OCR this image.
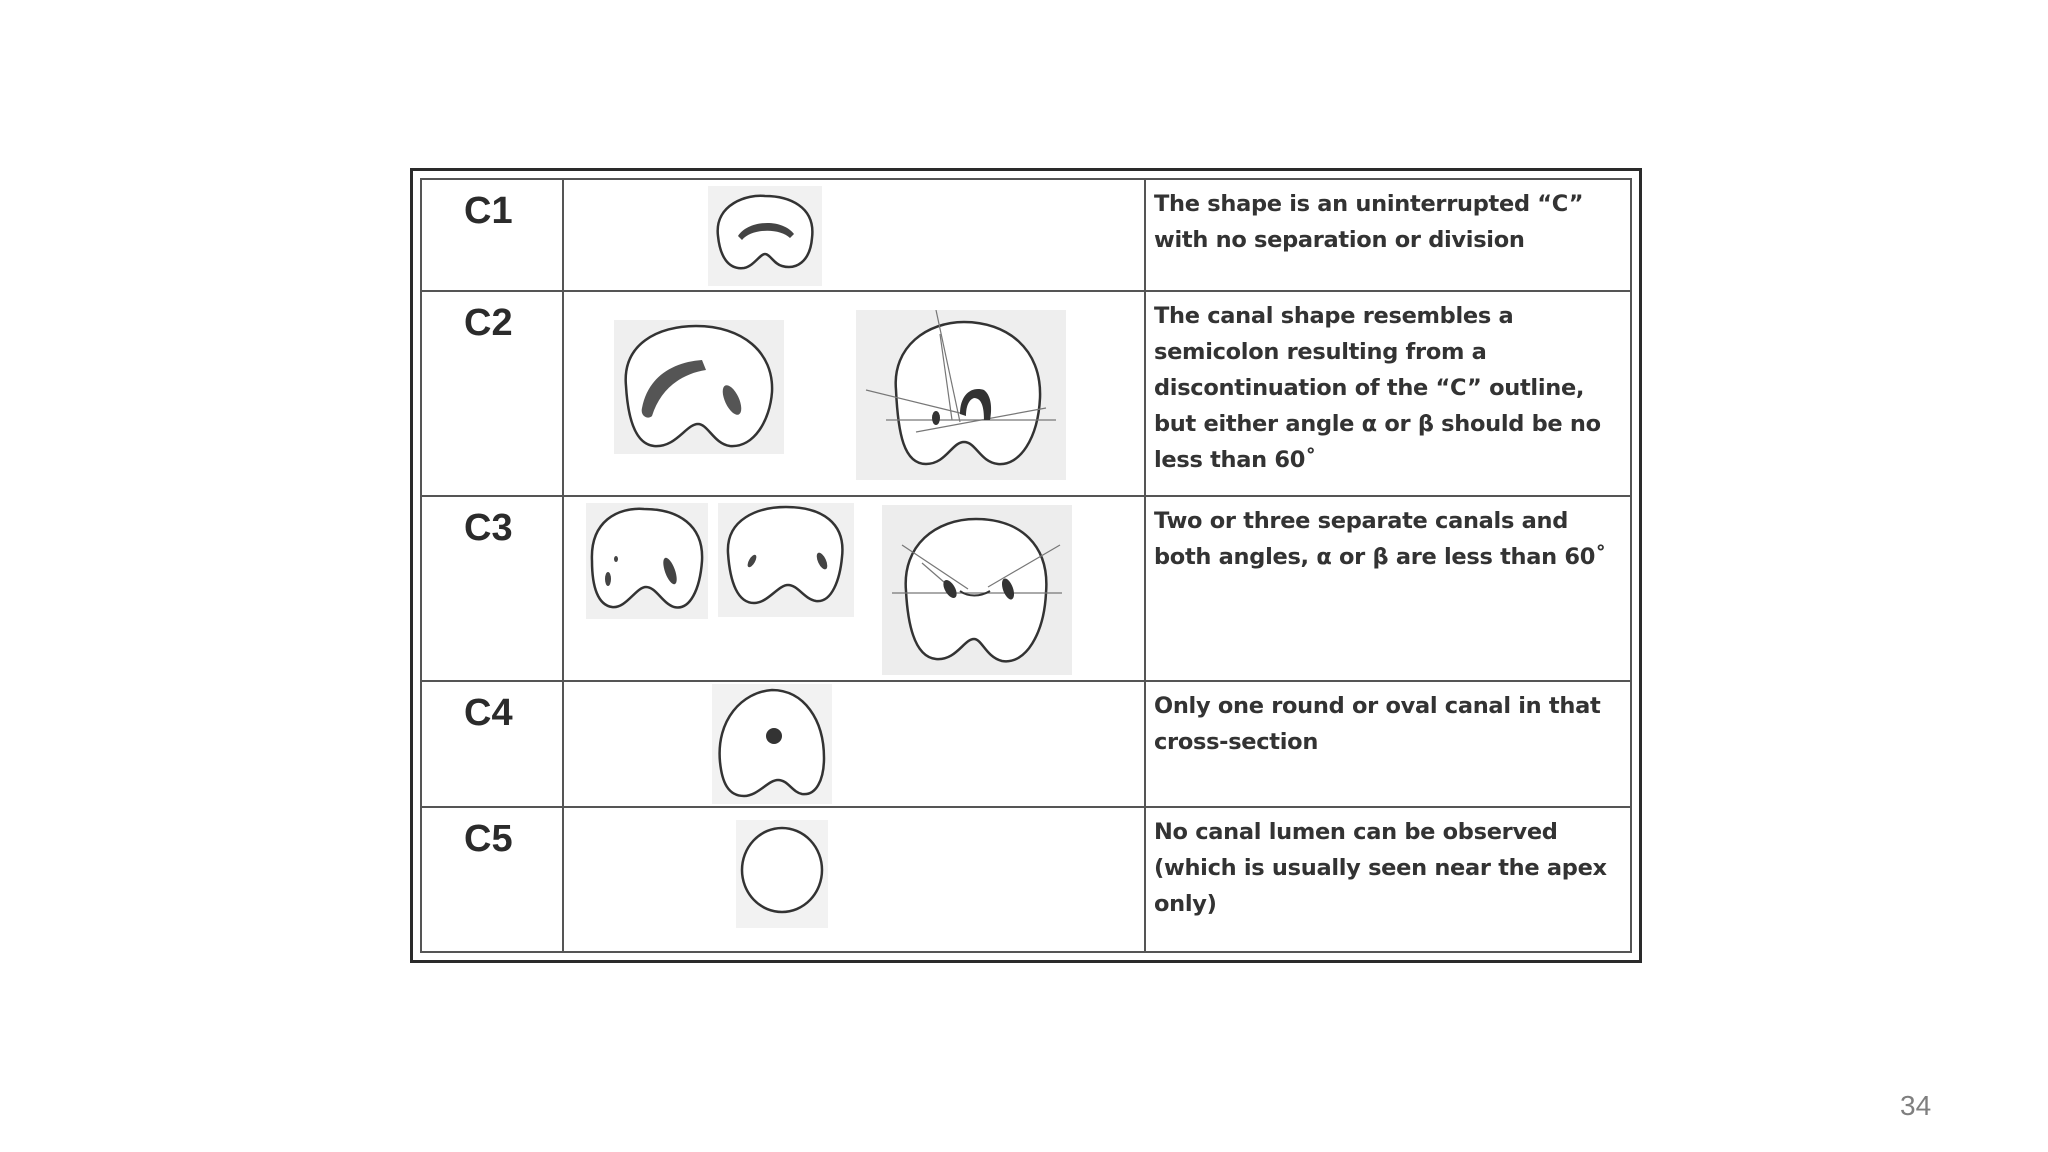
C1		The shape is an uninterrupted “C” with no separation or division
C2		The canal shape resembles a semicolon resulting from a discontinuation of the “C” outline, but either angle α or β should be no less than 60˚
C3		Two or three separate canals and both angles, α or β are less than 60˚
C4		Only one round or oval canal in that cross-section
C5		No canal lumen can be observed (which is usually seen near the apex only)
34
